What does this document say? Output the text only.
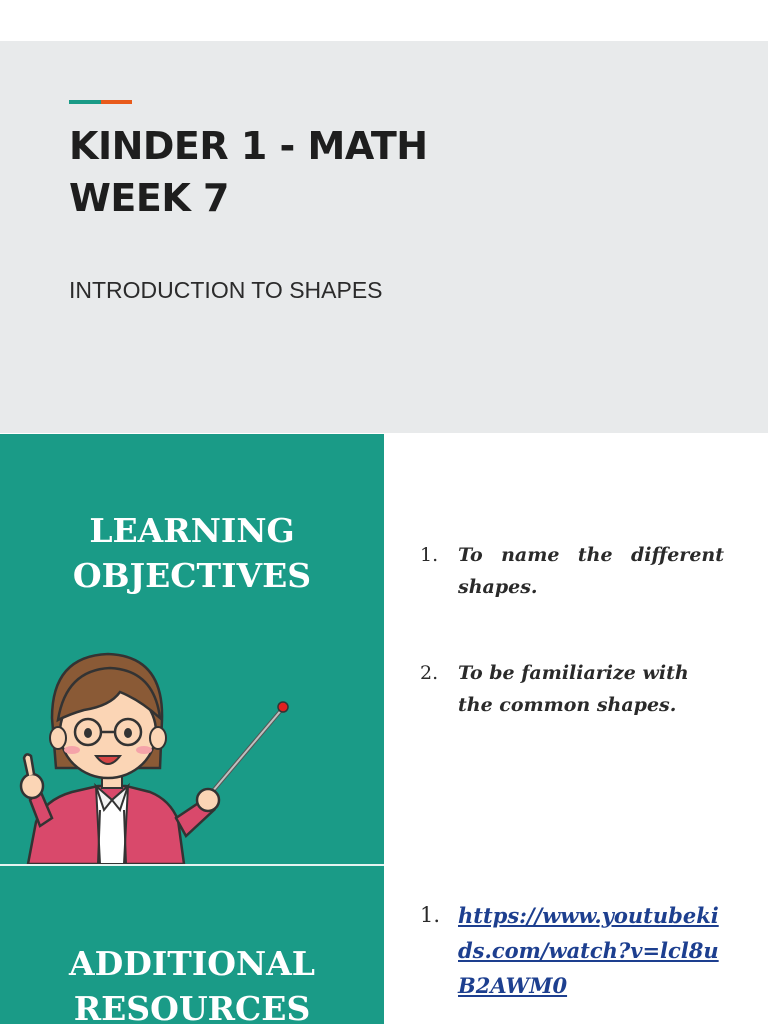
KINDER 1 - MATH
WEEK 7

INTRODUCTION TO SHAPES

LEARNING
OBJECTIVES
1.	To name the different shapes.
2.	To be familiarize with the common shapes.
ADDITIONAL
RESOURCES
1. https://www.youtubekids.com/watch?v=lcl8uB2AWM0
